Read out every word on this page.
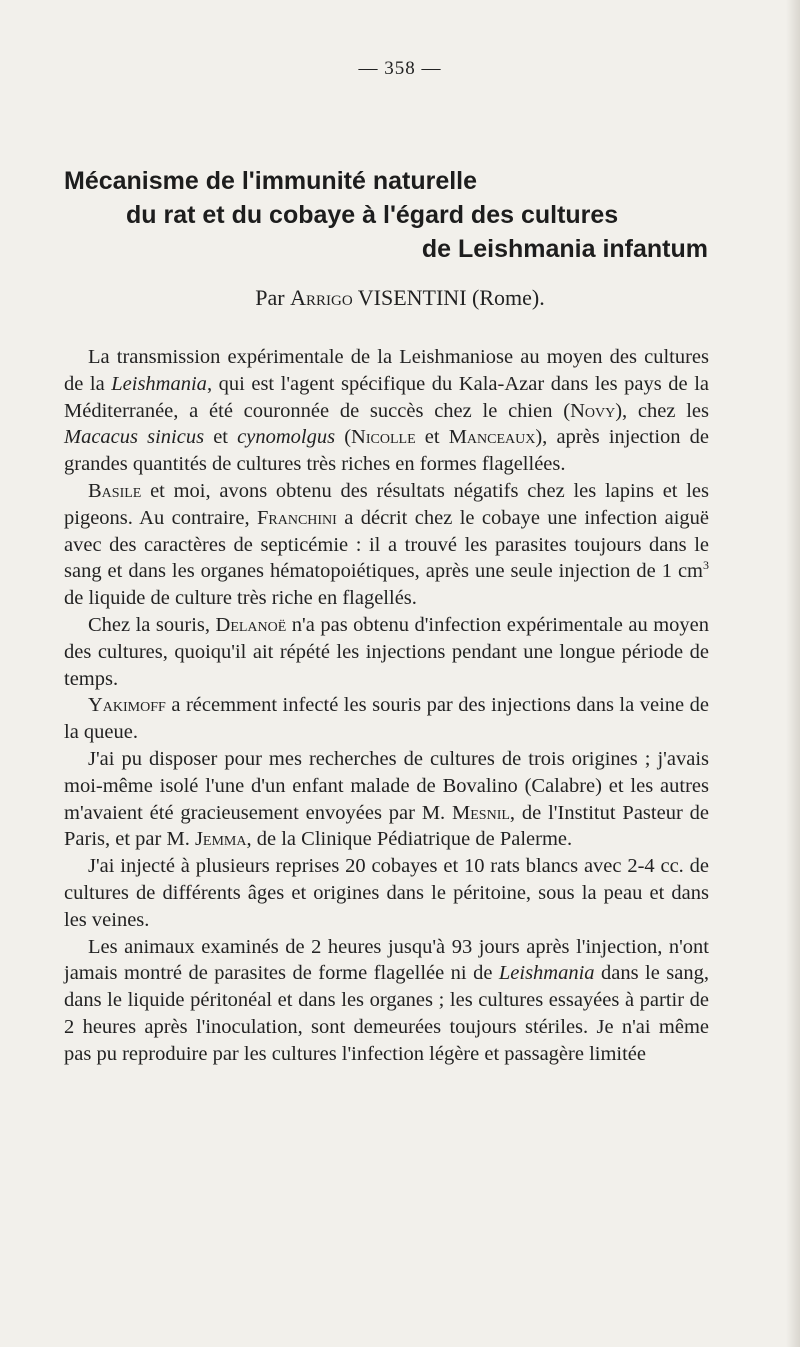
— 358 —
Mécanisme de l'immunité naturelle
du rat et du cobaye à l'égard des cultures
de Leishmania infantum
Par Arrigo VISENTINI (Rome).

La transmission expérimentale de la Leishmaniose au moyen des cultures de la Leishmania, qui est l'agent spécifique du Kala-Azar dans les pays de la Méditerranée, a été couronnée de succès chez le chien (Novy), chez les Macacus sinicus et cynomolgus (Nicolle et Manceaux), après injection de grandes quantités de cultures très riches en formes flagellées.

Basile et moi, avons obtenu des résultats négatifs chez les lapins et les pigeons. Au contraire, Franchini a décrit chez le cobaye une infection aiguë avec des caractères de septicémie : il a trouvé les parasites toujours dans le sang et dans les organes hématopoiétiques, après une seule injection de 1 $cm^3$ de liquide de culture très riche en flagellés.

Chez la souris, Delanoë n'a pas obtenu d'infection expérimentale au moyen des cultures, quoiqu'il ait répété les injections pendant une longue période de temps.

Yakimoff a récemment infecté les souris par des injections dans la veine de la queue.

J'ai pu disposer pour mes recherches de cultures de trois origines ; j'avais moi-même isolé l'une d'un enfant malade de Bovalino (Calabre) et les autres m'avaient été gracieusement envoyées par M. Mesnil, de l'Institut Pasteur de Paris, et par M. Jemma, de la Clinique Pédiatrique de Palerme.

J'ai injecté à plusieurs reprises 20 cobayes et 10 rats blancs avec 2-4 cc. de cultures de différents âges et origines dans le péritoine, sous la peau et dans les veines.

Les animaux examinés de 2 heures jusqu'à 93 jours après l'injection, n'ont jamais montré de parasites de forme flagellée ni de Leishmania dans le sang, dans le liquide péritonéal et dans les organes ; les cultures essayées à partir de 2 heures après l'inoculation, sont demeurées toujours stériles. Je n'ai même pas pu reproduire par les cultures l'infection légère et passagère limitée
